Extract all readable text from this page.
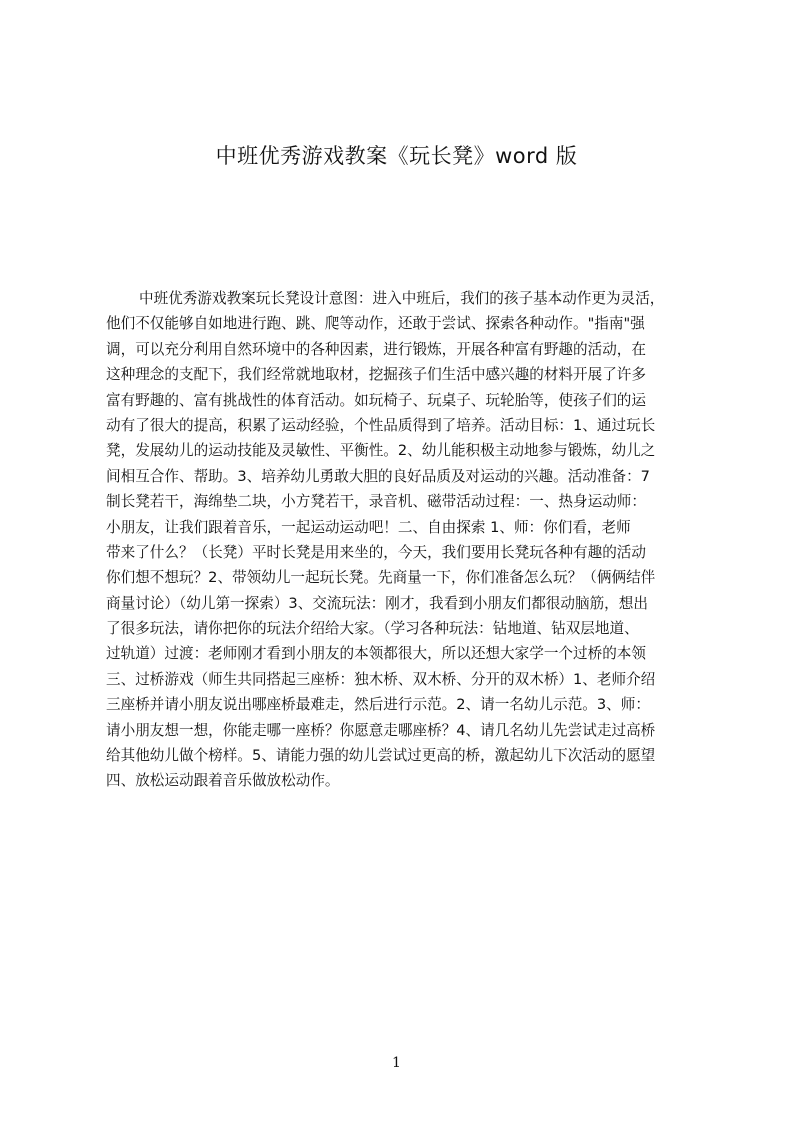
中班优秀游戏教案《玩长凳》word 版
中班优秀游戏教案玩长凳设计意图：进入中班后，我们的孩子基本动作更为灵活，
他们不仅能够自如地进行跑、跳、爬等动作，还敢于尝试、探索各种动作。"指南"强
调，可以充分利用自然环境中的各种因素，进行锻炼，开展各种富有野趣的活动，在
这种理念的支配下，我们经常就地取材，挖掘孩子们生活中感兴趣的材料开展了许多
富有野趣的、富有挑战性的体育活动。如玩椅子、玩桌子、玩轮胎等，使孩子们的运
动有了很大的提高，积累了运动经验，个性品质得到了培养。活动目标：1、通过玩长
凳，发展幼儿的运动技能及灵敏性、平衡性。2、幼儿能积极主动地参与锻炼，幼儿之
间相互合作、帮助。3、培养幼儿勇敢大胆的良好品质及对运动的兴趣。活动准备：7
制长凳若干，海绵垫二块，小方凳若干，录音机、磁带活动过程：一、热身运动师：
小朋友，让我们跟着音乐，一起运动运动吧！二、自由探索 1、师：你们看，老师
带来了什么？（长凳）平时长凳是用来坐的，今天，我们要用长凳玩各种有趣的活动
你们想不想玩？2、带领幼儿一起玩长凳。先商量一下，你们准备怎么玩？（俩俩结伴
商量讨论）（幼儿第一探索）3、交流玩法：刚才，我看到小朋友们都很动脑筋，想出
了很多玩法，请你把你的玩法介绍给大家。（学习各种玩法：钻地道、钻双层地道、
过轨道）过渡：老师刚才看到小朋友的本领都很大，所以还想大家学一个过桥的本领
三、过桥游戏（师生共同搭起三座桥：独木桥、双木桥、分开的双木桥）1、老师介绍
三座桥并请小朋友说出哪座桥最难走，然后进行示范。2、请一名幼儿示范。3、师：
请小朋友想一想，你能走哪一座桥？你愿意走哪座桥？4、请几名幼儿先尝试走过高桥
给其他幼儿做个榜样。5、请能力强的幼儿尝试过更高的桥，激起幼儿下次活动的愿望
四、放松运动跟着音乐做放松动作。
1
